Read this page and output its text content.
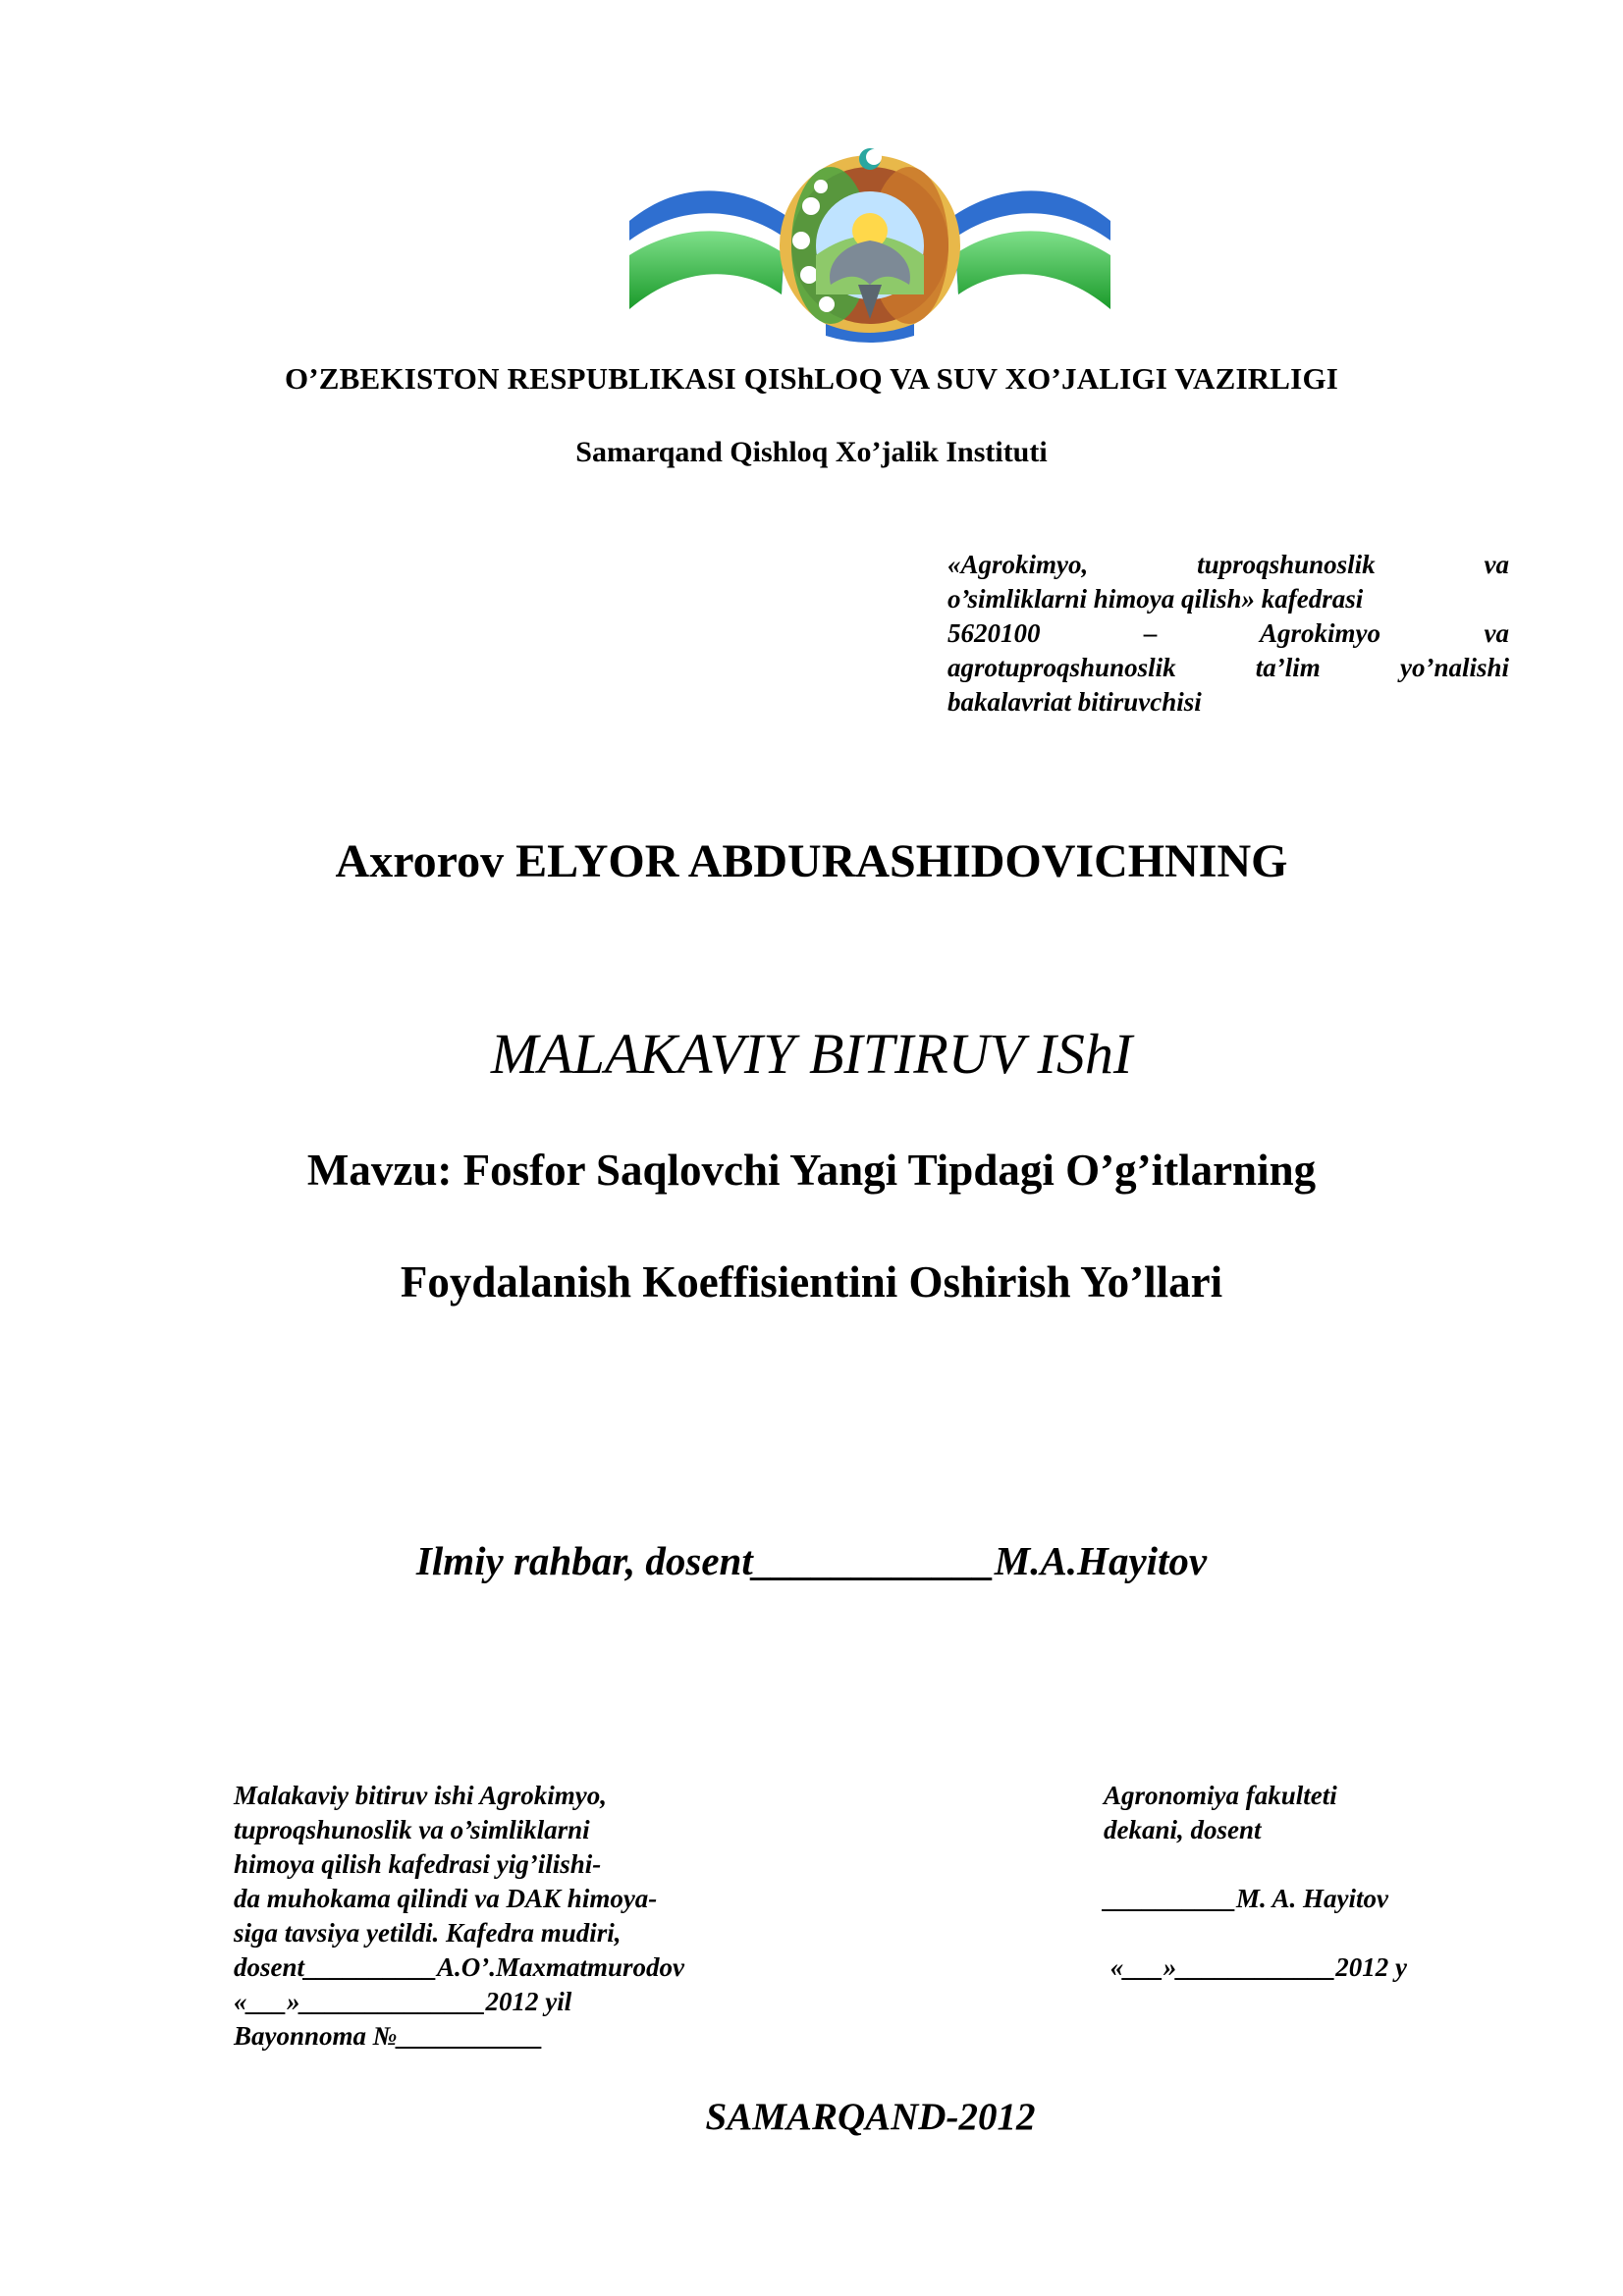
O’ZBEKISTON RESPUBLIKASI QIShLOQ VA SUV XO’JALIGI VAZIRLIGI
Samarqand Qishloq Xo’jalik Instituti
«Agrokimyo, tuproqshunoslik va
o’simliklarni himoya qilish» kafedrasi
5620100 – Agrokimyo va
agrotuproqshunoslik ta’lim yo’nalishi
bakalavriat bitiruvchisi
Axrorov ELYOR ABDURASHIDOVICHNING
MALAKAVIY BITIRUV IShI
Mavzu: Fosfor Saqlovchi Yangi Tipdagi O’g’itlarning
Foydalanish Koeffisientini Oshirish Yo’llari
Ilmiy rahbar, dosent____________M.A.Hayitov
Malakaviy bitiruv ishi Agrokimyo,
tuproqshunoslik va o’simliklarni
himoya qilish kafedrasi yig’ilishi-
da muhokama qilindi va DAK himoya-
siga tavsiya yetildi. Kafedra mudiri,
dosent__________A.O’.Maxmatmurodov
«___»______________2012 yil
Bayonnoma №___________
Agronomiya fakulteti
dekani, dosent
__________M. A. Hayitov
«___»____________2012 y
SAMARQAND-2012
